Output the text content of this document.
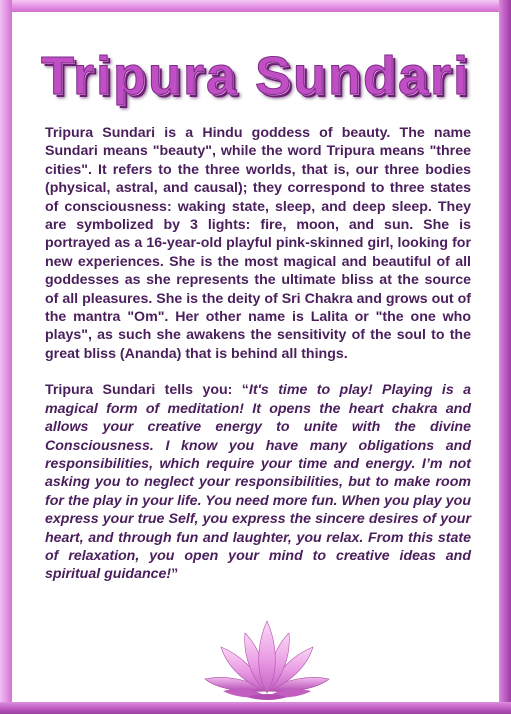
Tripura Sundari

Tripura Sundari is a Hindu goddess of beauty. The name Sundari means "beauty", while the word Tripura means "three cities". It refers to the three worlds, that is, our three bodies (physical, astral, and causal); they correspond to three states of consciousness: waking state, sleep, and deep sleep. They are symbolized by 3 lights: fire, moon, and sun. She is portrayed as a 16-year-old playful pink-skinned girl, looking for new experiences. She is the most magical and beautiful of all goddesses as she represents the ultimate bliss at the source of all pleasures. She is the deity of Sri Chakra and grows out of the mantra "Om". Her other name is Lalita or "the one who plays", as such she awakens the sensitivity of the soul to the great bliss (Ananda) that is behind all things.

Tripura Sundari tells you: “It's time to play! Playing is a magical form of meditation! It opens the heart chakra and allows your creative energy to unite with the divine Consciousness. I know you have many obligations and responsibilities, which require your time and energy. I’m not asking you to neglect your responsibilities, but to make room for the play in your life. You need more fun. When you play you express your true Self, you express the sincere desires of your heart, and through fun and laughter, you relax. From this state of relaxation, you open your mind to creative ideas and spiritual guidance!”
